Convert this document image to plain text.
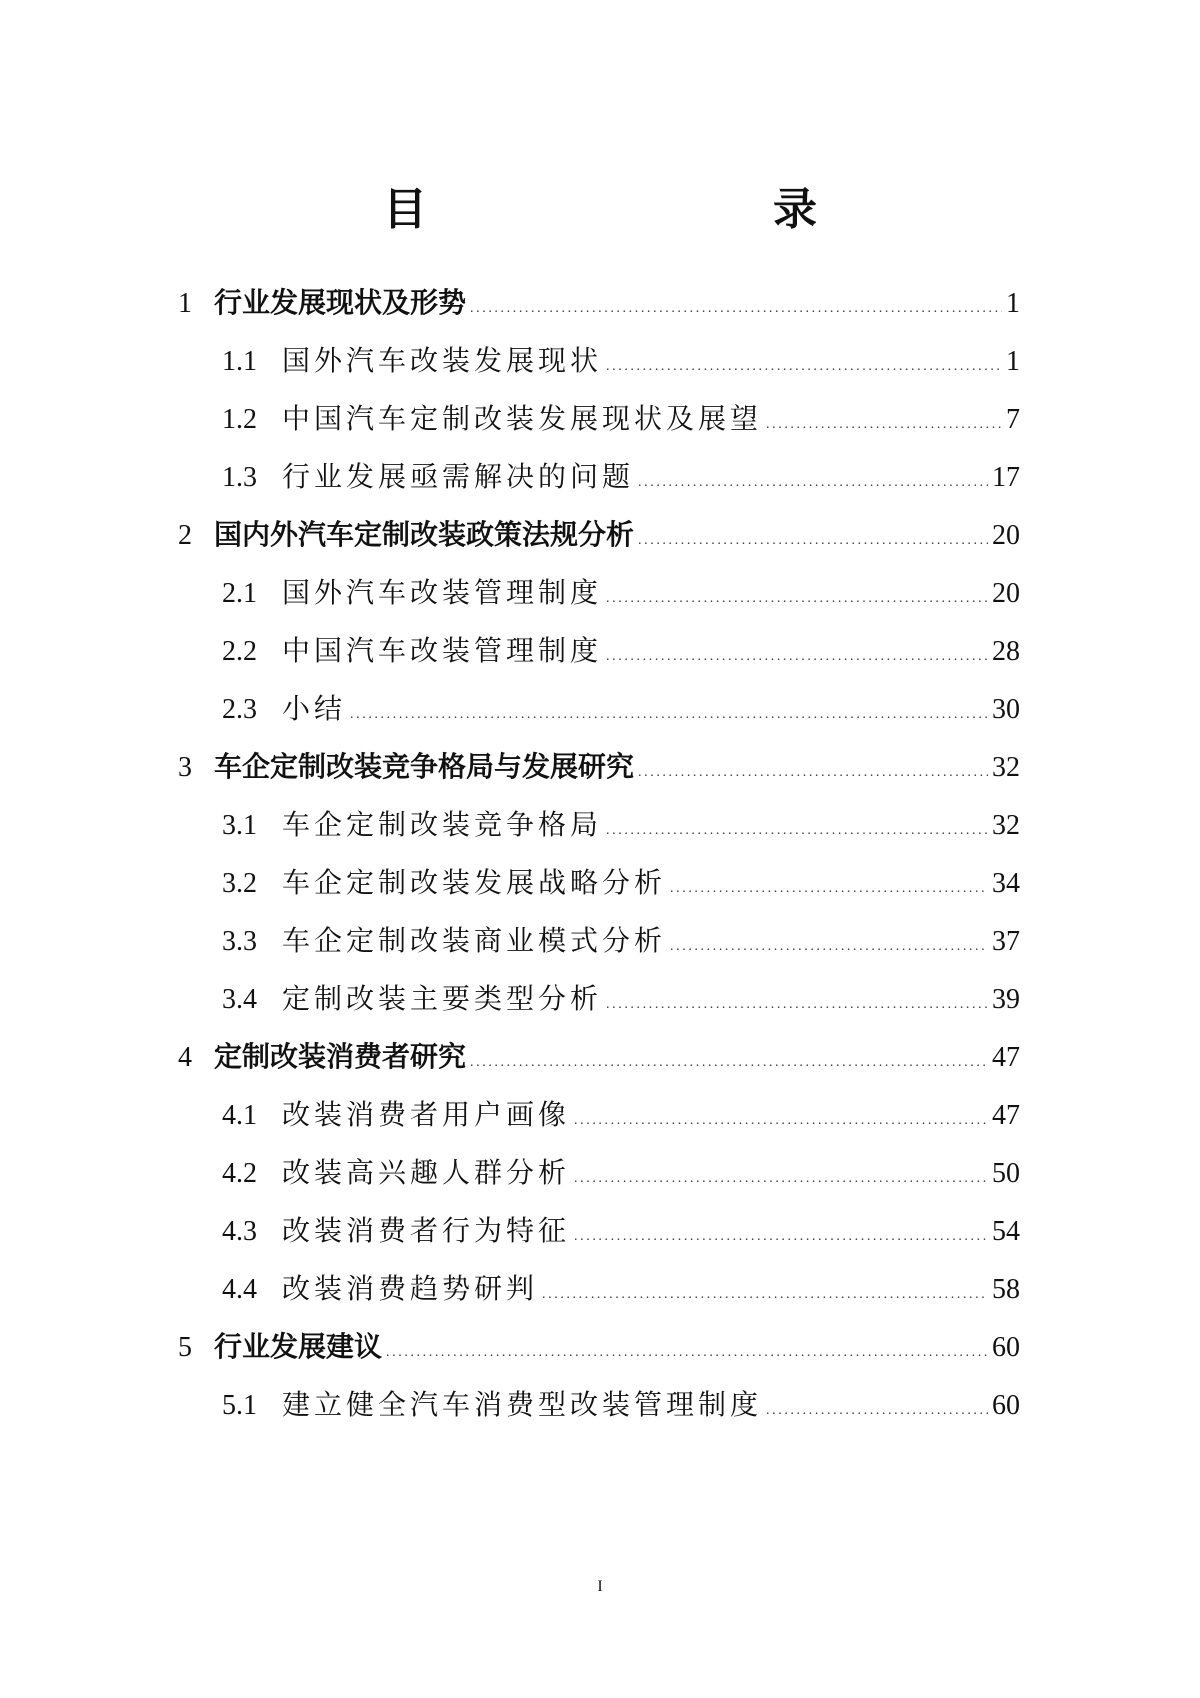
目　　录
1 行业发展现状及形势 .....	1
1.1 国外汽车改装发展现状 .....	1
1.2 中国汽车定制改装发展现状及展望 .....	7
1.3 行业发展亟需解决的问题 .....	17
2 国内外汽车定制改装政策法规分析 .....	20
2.1 国外汽车改装管理制度 .....	20
2.2 中国汽车改装管理制度 .....	28
2.3 小结 .....	30
3 车企定制改装竞争格局与发展研究 .....	32
3.1 车企定制改装竞争格局 .....	32
3.2 车企定制改装发展战略分析 .....	34
3.3 车企定制改装商业模式分析 .....	37
3.4 定制改装主要类型分析 .....	39
4 定制改装消费者研究 .....	47
4.1 改装消费者用户画像 .....	47
4.2 改装高兴趣人群分析 .....	50
4.3 改装消费者行为特征 .....	54
4.4 改装消费趋势研判 .....	58
5 行业发展建议 .....	60
5.1 建立健全汽车消费型改装管理制度 .....	60
I
